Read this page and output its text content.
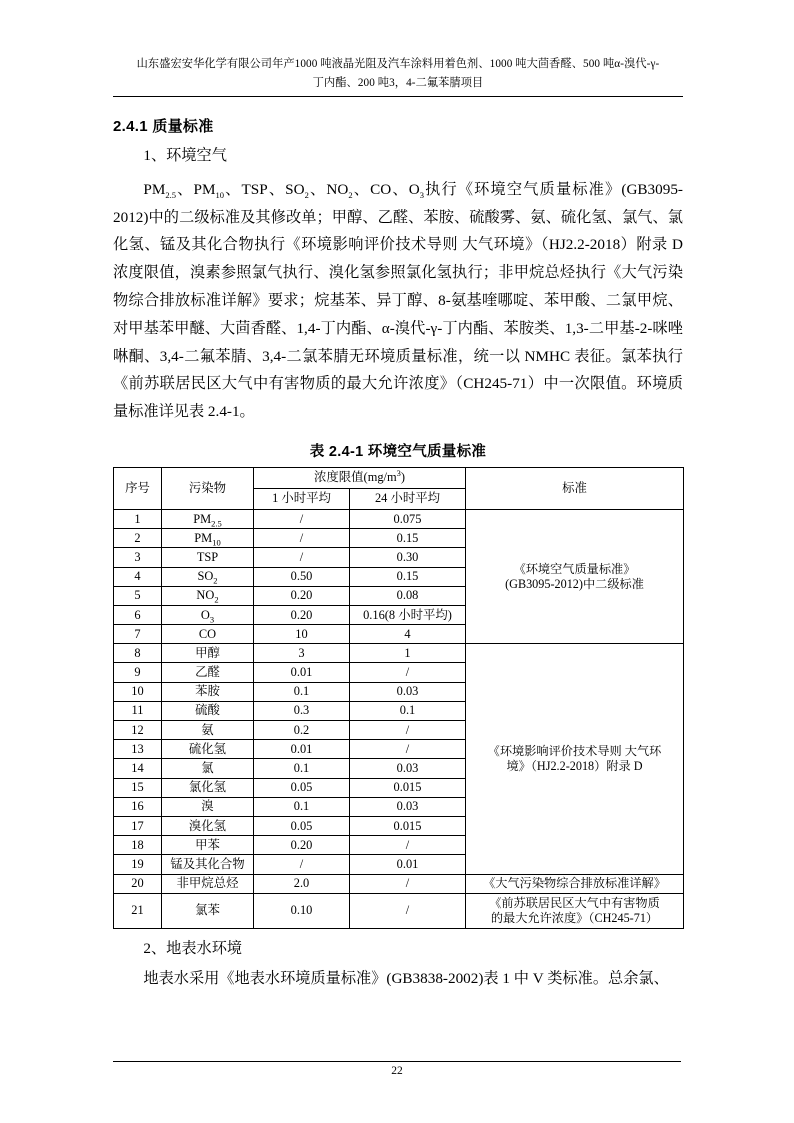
山东盛宏安华化学有限公司年产1000 吨液晶光阻及汽车涂料用着色剂、1000 吨大茴香醛、500 吨α-溴代-γ-
丁内酯、200 吨3，4-二氟苯腈项目
2.4.1 质量标准

1、环境空气

$PM_{2.5}$、$PM_{10}$、TSP、$SO_2$、$NO_2$、CO、$O_3$执行《环境空气质量标准》(GB3095-2012)中的二级标准及其修改单；甲醇、乙醛、苯胺、硫酸雾、氨、硫化氢、氯气、氯化氢、锰及其化合物执行《环境影响评价技术导则 大气环境》（HJ2.2-2018）附录 D 浓度限值，溴素参照氯气执行、溴化氢参照氯化氢执行；非甲烷总烃执行《大气污染物综合排放标准详解》要求；烷基苯、异丁醇、8-氨基喹哪啶、苯甲酸、二氯甲烷、对甲基苯甲醚、大茴香醛、1,4-丁内酯、α-溴代-γ-丁内酯、苯胺类、1,3-二甲基-2-咪唑啉酮、3,4-二氟苯腈、3,4-二氯苯腈无环境质量标准，统一以 NMHC 表征。氯苯执行《前苏联居民区大气中有害物质的最大允许浓度》（CH245-71）中一次限值。环境质量标准详见表 2.4-1。

表 2.4-1 环境空气质量标准
序号	污染物	浓度限值$(mg/m^3)$		标准
		1 小时平均	24 小时平均	
1	$PM_{2.5}$	/	0.075	《环境空气质量标准》
(GB3095-2012)中二级标准

2	$PM_{10}$	/	0.15	
3	TSP	/	0.30	
4	$SO_2$	0.50	0.15	
5	$NO_2$	0.20	0.08	
6	$O_3$	0.20	0.16(8 小时平均)	
7	CO	10	4	
8	甲醇	3	1	《环境影响评价技术导则 大气环
境》（HJ2.2-2018）附录 D

9	乙醛	0.01	/	
10	苯胺	0.1	0.03	
11	硫酸	0.3	0.1	
12	氨	0.2	/	
13	硫化氢	0.01	/	
14	氯	0.1	0.03	
15	氯化氢	0.05	0.015	
16	溴	0.1	0.03	
17	溴化氢	0.05	0.015	
18	甲苯	0.20	/	
19	锰及其化合物	/	0.01	
20	非甲烷总烃	2.0	/	《大气污染物综合排放标准详解》

21	氯苯	0.10	/	《前苏联居民区大气中有害物质
的最大允许浓度》（CH245-71）

2、地表水环境

地表水采用《地表水环境质量标准》(GB3838-2002)表 1 中 V 类标准。总余氯、

22
